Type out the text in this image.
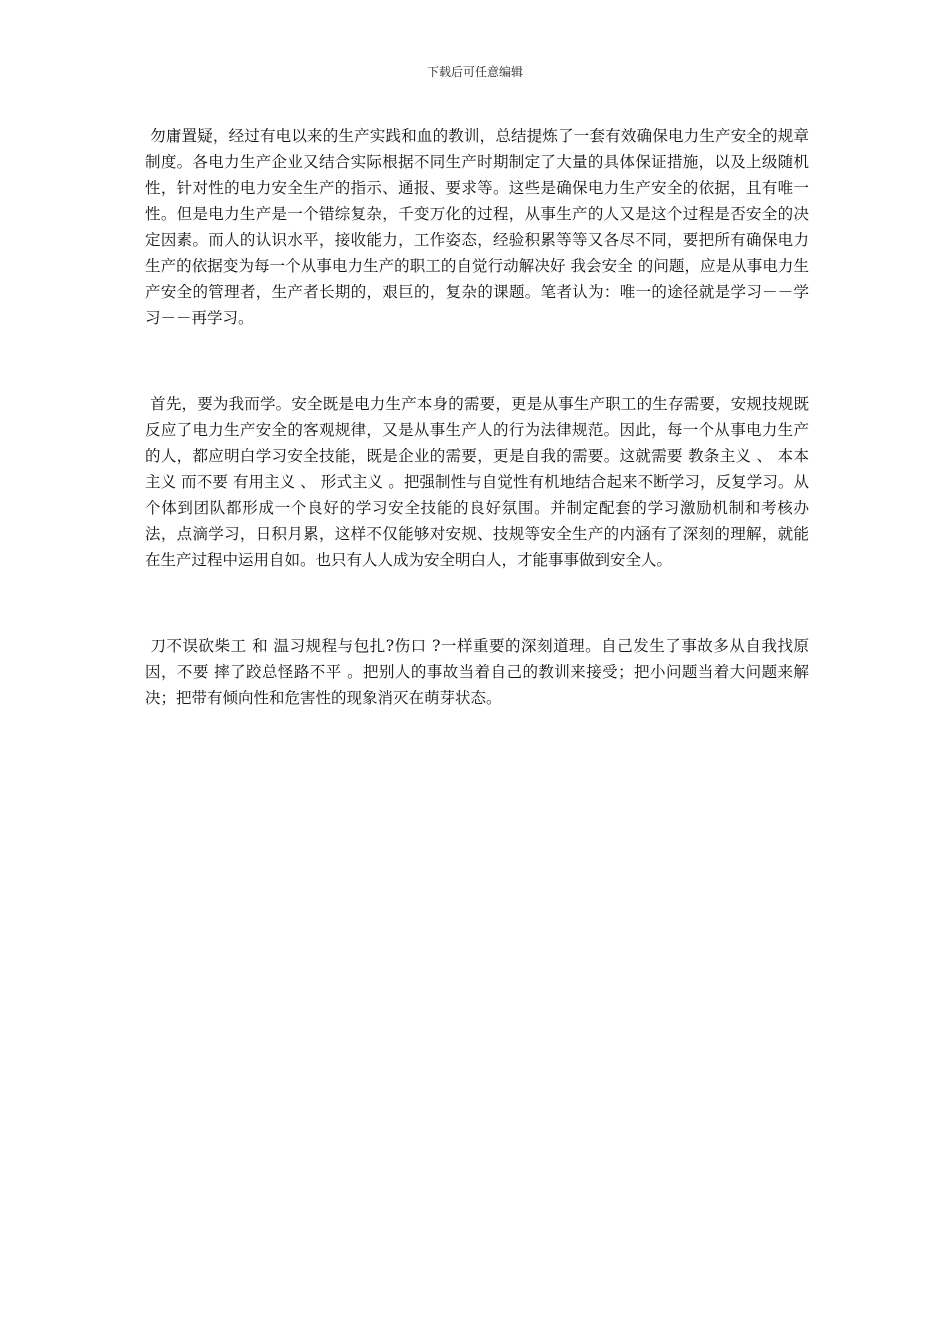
下载后可任意编辑

勿庸置疑，经过有电以来的生产实践和血的教训，总结提炼了一套有效确保电力生产安全的规章制度。各电力生产企业又结合实际根据不同生产时期制定了大量的具体保证措施，以及上级随机性，针对性的电力安全生产的指示、通报、要求等。这些是确保电力生产安全的依据，且有唯一性。但是电力生产是一个错综复杂，千变万化的过程，从事生产的人又是这个过程是否安全的决定因素。而人的认识水平，接收能力，工作姿态，经验积累等等又各尽不同，要把所有确保电力生产的依据变为每一个从事电力生产的职工的自觉行动解决好 我会安全 的问题，应是从事电力生产安全的管理者，生产者长期的，艰巨的，复杂的课题。笔者认为：唯一的途径就是学习－－学习－－再学习。

首先，要为我而学。安全既是电力生产本身的需要，更是从事生产职工的生存需要，安规技规既反应了电力生产安全的客观规律，又是从事生产人的行为法律规范。因此，每一个从事电力生产的人，都应明白学习安全技能，既是企业的需要，更是自我的需要。这就需要 教条主义 、 本本主义 而不要 有用主义 、 形式主义 。把强制性与自觉性有机地结合起来不断学习，反复学习。从个体到团队都形成一个良好的学习安全技能的良好氛围。并制定配套的学习激励机制和考核办法，点滴学习，日积月累，这样不仅能够对安规、技规等安全生产的内涵有了深刻的理解，就能在生产过程中运用自如。也只有人人成为安全明白人，才能事事做到安全人。

刀不误砍柴工 和 温习规程与包扎?伤口 ?一样重要的深刻道理。自己发生了事故多从自我找原因，不要 摔了跤总怪路不平 。把别人的事故当着自己的教训来接受；把小问题当着大问题来解决；把带有倾向性和危害性的现象消灭在萌芽状态。
